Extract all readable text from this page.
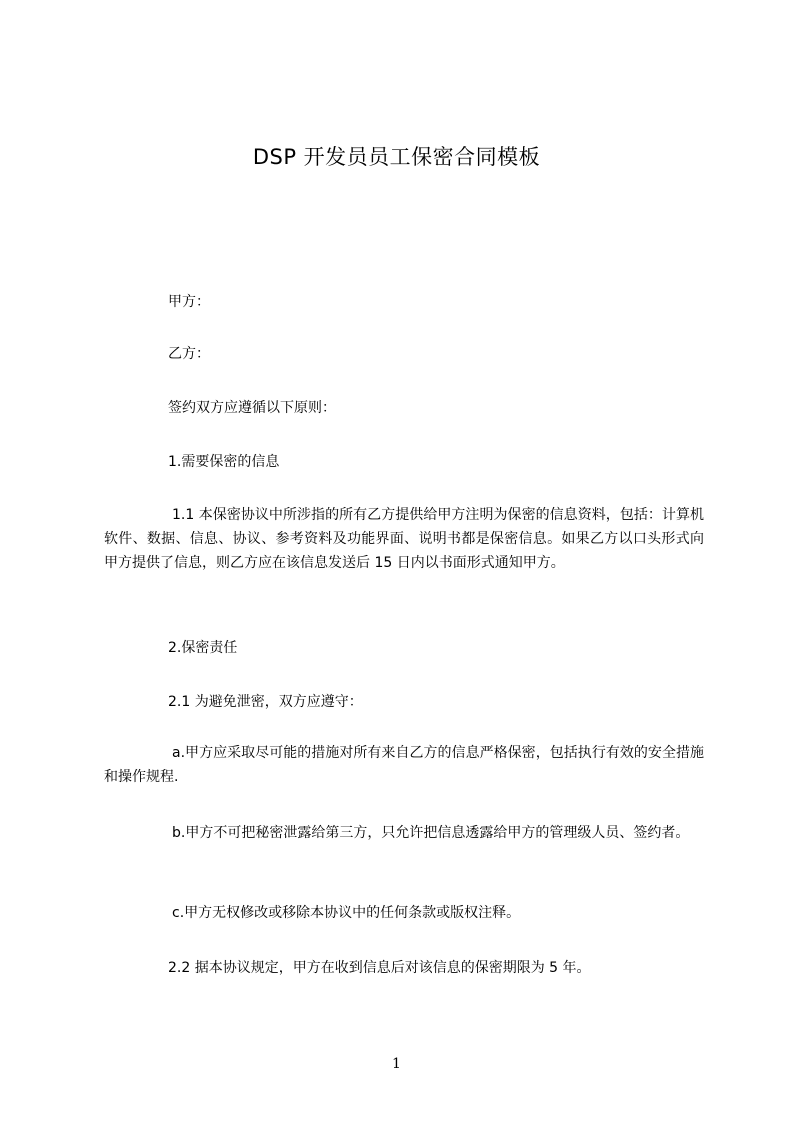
DSP 开发员员工保密合同模板

甲方：

乙方：

签约双方应遵循以下原则：

1.需要保密的信息

1.1 本保密协议中所涉指的所有乙方提供给甲方注明为保密的信息资料，包括：计算机软件、数据、信息、协议、参考资料及功能界面、说明书都是保密信息。如果乙方以口头形式向甲方提供了信息，则乙方应在该信息发送后 15 日内以书面形式通知甲方。

2.保密责任

2.1 为避免泄密，双方应遵守：

a.甲方应采取尽可能的措施对所有来自乙方的信息严格保密，包括执行有效的安全措施和操作规程.

b.甲方不可把秘密泄露给第三方，只允许把信息透露给甲方的管理级人员、签约者。

c.甲方无权修改或移除本协议中的任何条款或版权注释。

2.2 据本协议规定，甲方在收到信息后对该信息的保密期限为 5 年。

1
